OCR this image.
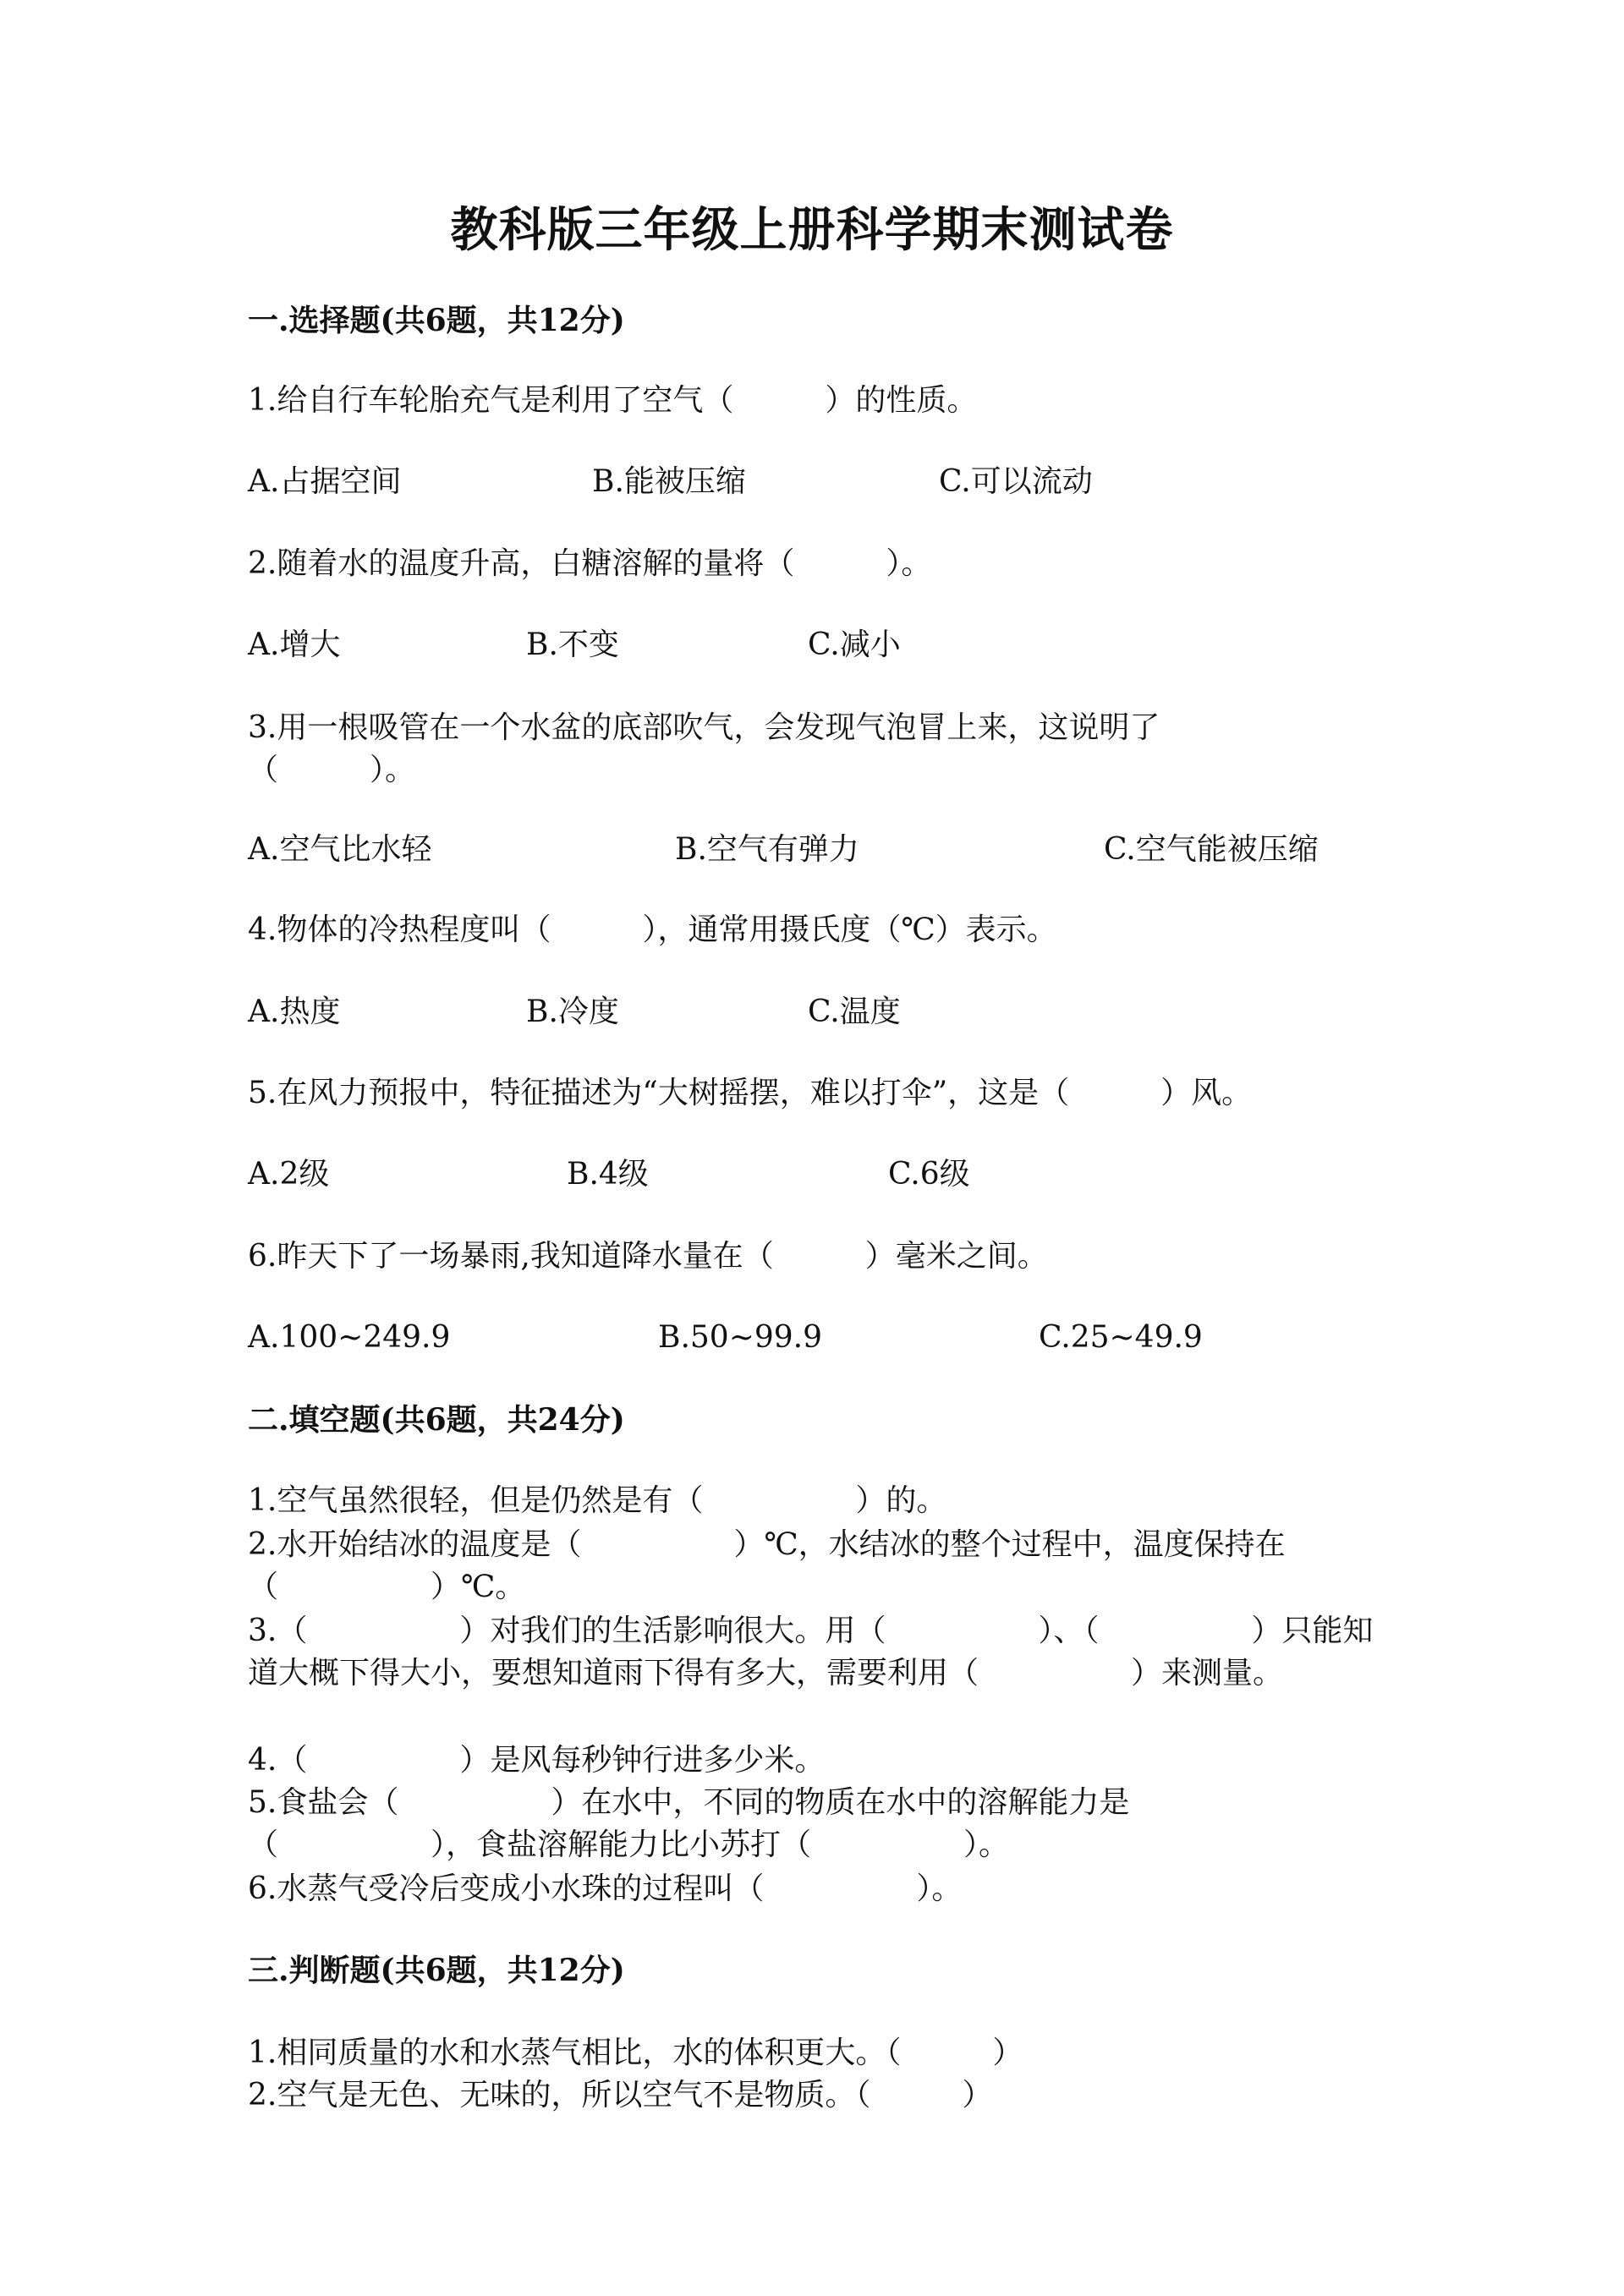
教科版三年级上册科学期末测试卷
一.选择题(共6题，共12分)
1.给自行车轮胎充气是利用了空气（　　　）的性质。
A.占据空间	B.能被压缩	C.可以流动
2.随着水的温度升高，白糖溶解的量将（　　　）。
A.增大	B.不变	C.减小
3.用一根吸管在一个水盆的底部吹气，会发现气泡冒上来，这说明了（　　　）。
A.空气比水轻	B.空气有弹力	C.空气能被压缩
4.物体的冷热程度叫（　　　），通常用摄氏度（℃）表示。
A.热度	B.冷度	C.温度
5.在风力预报中，特征描述为“大树摇摆，难以打伞”，这是（　　　）风。
A.2级	B.4级	C.6级
6.昨天下了一场暴雨,我知道降水量在（　　　）毫米之间。
A.100~249.9	B.50~99.9	C.25~49.9
二.填空题(共6题，共24分)
1.空气虽然很轻，但是仍然是有（　　　　　）的。
2.水开始结冰的温度是（　　　　　）℃，水结冰的整个过程中，温度保持在（　　　　　）℃。
3.（　　　　　）对我们的生活影响很大。用（　　　　　）、（　　　　　）只能知道大概下得大小，要想知道雨下得有多大，需要利用（　　　　　）来测量。
4.（　　　　　）是风每秒钟行进多少米。
5.食盐会（　　　　　）在水中，不同的物质在水中的溶解能力是（　　　　　），食盐溶解能力比小苏打（　　　　　）。
6.水蒸气受冷后变成小水珠的过程叫（　　　　　）。
三.判断题(共6题，共12分)
1.相同质量的水和水蒸气相比，水的体积更大。（　　　）
2.空气是无色、无味的，所以空气不是物质。（　　　）
